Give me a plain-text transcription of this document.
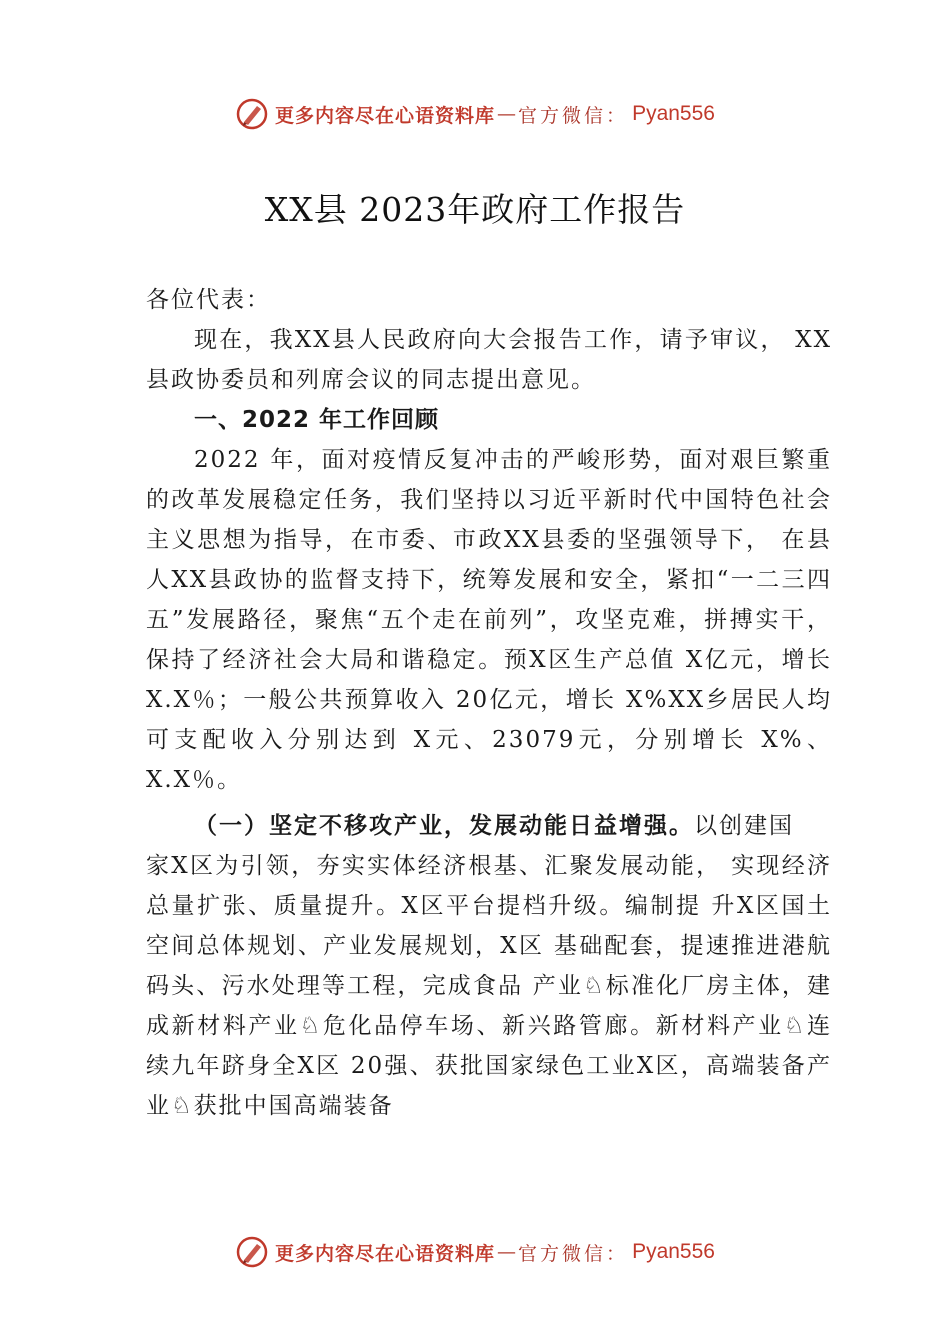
更多内容尽在心语资料库 — 官方微信： Pyan556
XX县 2023年政府工作报告

各位代表：

现在，我XX县人民政府向大会报告工作，请予审议， XX县政协委员和列席会议的同志提出意见。

一、2022 年工作回顾

2022 年，面对疫情反复冲击的严峻形势，面对艰巨繁重的改革发展稳定任务，我们坚持以习近平新时代中国特色社会主义思想为指导，在市委、市政XX县委的坚强领导下， 在县人XX县政协的监督支持下，统筹发展和安全，紧扣“一二三四五”发展路径，聚焦“五个走在前列”，攻坚克难，拼搏实干，保持了经济社会大局和谐稳定。预X区生产总值 X亿元，增长 X.X％；一般公共预算收入 20亿元，增长 X%XX乡居民人均可支配收入分别达到 X元、23079元，分别增长 X%、X.X％。

（一）坚定不移攻产业，发展动能日益增强。以创建国

家X区为引领，夯实实体经济根基、汇聚发展动能， 实现经济总量扩张、质量提升。X区平台提档升级。编制提 升X区国土空间总体规划、产业发展规划，X区 基础配套，提速推进港航码头、污水处理等工程，完成食品 产业♘标准化厂房主体，建成新材料产业♘危化品停车场、新兴路管廊。新材料产业♘连续九年跻身全X区 20强、获批国家绿色工业X区，高端装备产业♘获批中国高端装备

更多内容尽在心语资料库 — 官方微信： Pyan556
